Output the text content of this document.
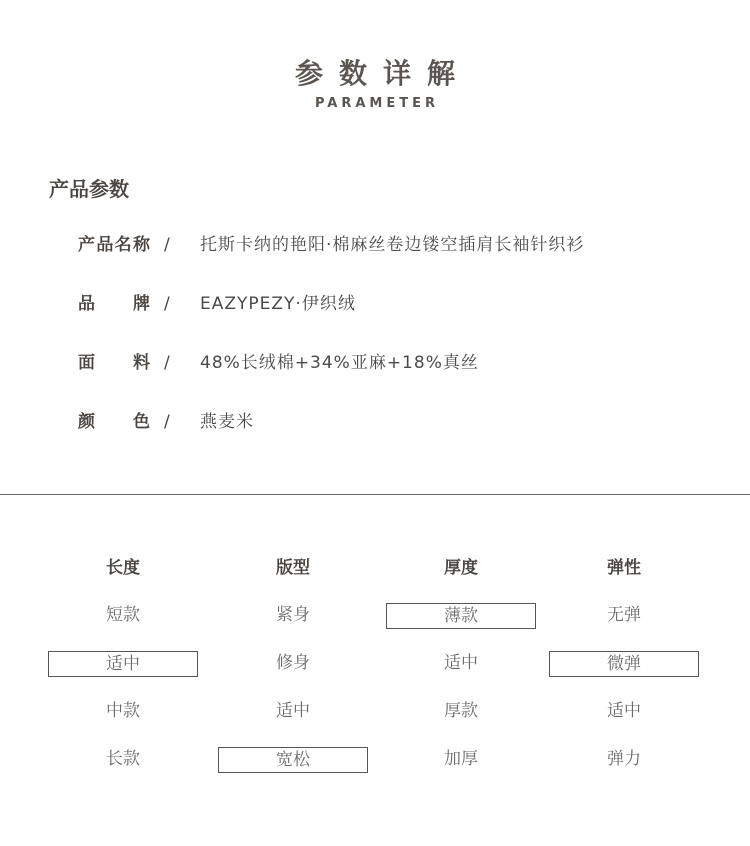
参数详解
PARAMETER
产品参数
产品名称 / 托斯卡纳的艳阳·棉麻丝卷边镂空插肩长袖针织衫
品牌 / EAZYPEZY·伊织绒
面料 / 48%长绒棉+34%亚麻+18%真丝
颜色 / 燕麦米
长度
短款
适中
中款
长款
版型
紧身
修身
适中
宽松
厚度
薄款
适中
厚款
加厚
弹性
无弹
微弹
适中
弹力
